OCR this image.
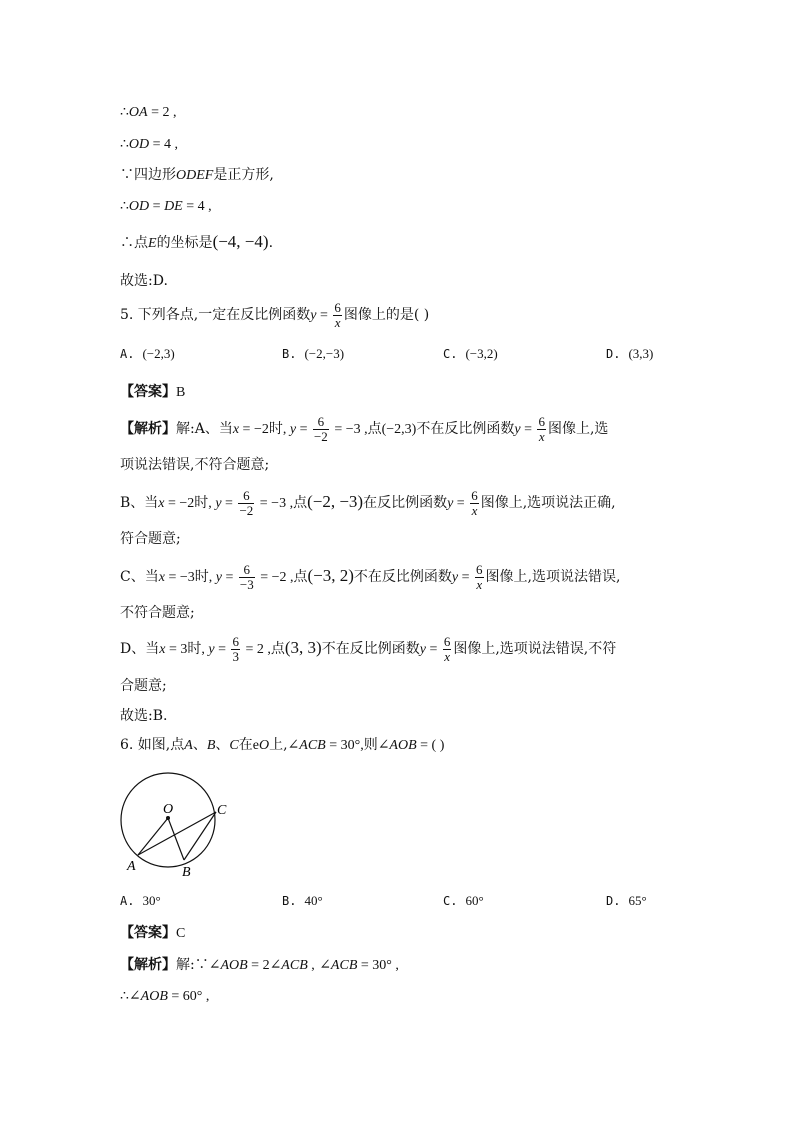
∴OA = 2 ,
∴OD = 4 ,
∵四边形ODEF是正方形,
∴OD = DE = 4 ,
∴点E的坐标是(−4, −4).
故选:D.
5. 下列各点,一定在反比例函数$y = \frac{6}{x}$ 图像上的是( )
A. (−2,3)	B. (−2,−3)	C. (−3,2)	D. (3,3)
【答案】B
【解析】解:A、当x = −2时, $y = \frac{6}{-2} = -3$ ,点(−2,3)不在反比例函数$y = \frac{6}{x}$ 图像上,选
项说法错误,不符合题意;
B、当x = −2时, $y = \frac{6}{-2} = -3$ ,点(−2, −3)在反比例函数$y = \frac{6}{x}$ 图像上,选项说法正确,
符合题意;
C、当x = −3时, $y = \frac{6}{-3} = -2$ ,点(−3, 2)不在反比例函数$y = \frac{6}{x}$ 图像上,选项说法错误,
不符合题意;
D、当x = 3时, $y = \frac{6}{3} = 2$ ,点(3, 3)不在反比例函数$y = \frac{6}{x}$ 图像上,选项说法错误,不符
合题意;
故选:B.
6. 如图,点A、B、C在eO上,∠ACB = 30°,则∠AOB = ( )
O	C
A	B
A. 30°	B. 40°	C. 60°	D. 65°
【答案】C
【解析】解:∵∠AOB = 2∠ACB , ∠ACB = 30° ,
∴∠AOB = 60° ,
